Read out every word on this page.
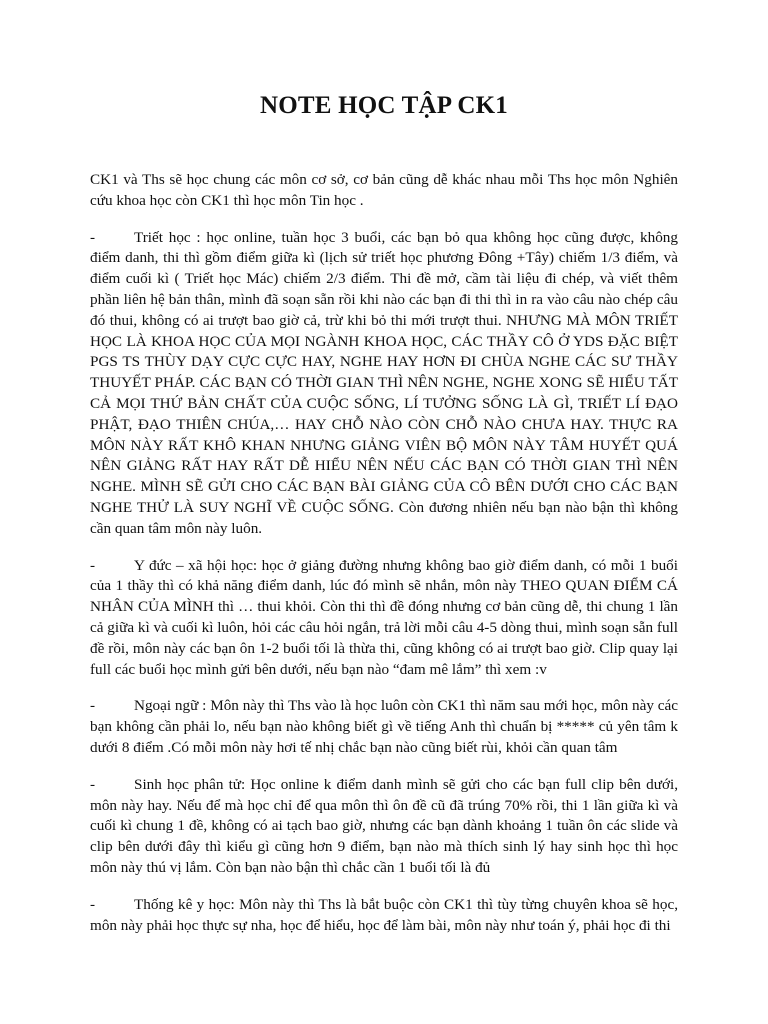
NOTE HỌC TẬP CK1

CK1 và Ths sẽ học chung các môn cơ sở, cơ bản cũng dễ khác nhau mỗi Ths học môn Nghiên cứu khoa học còn CK1 thì học môn Tin học .

-	Triết học : học online, tuần học 3 buổi, các bạn bỏ qua không học cũng được, không điểm danh, thi thì gồm điểm giữa kì (lịch sử triết học phương Đông +Tây) chiếm 1/3 điểm, và điểm cuối kì ( Triết học Mác) chiếm 2/3 điểm. Thi đề mở, cầm tài liệu đi chép, và viết thêm phần liên hệ bản thân, mình đã soạn sẵn rồi khi nào các bạn đi thi thì in ra vào câu nào chép câu đó thui, không có ai trượt bao giờ cả, trừ khi bỏ thi mới trượt thui. NHƯNG MÀ MÔN TRIẾT HỌC LÀ KHOA HỌC CỦA MỌI NGÀNH KHOA HỌC, CÁC THẦY CÔ Ở YDS ĐẶC BIỆT PGS TS THÙY DẠY CỰC CỰC HAY, NGHE HAY HƠN ĐI CHÙA NGHE CÁC SƯ THẦY THUYẾT PHÁP. CÁC BẠN CÓ THỜI GIAN THÌ NÊN NGHE, NGHE XONG SẼ HIỂU TẤT CẢ MỌI THỨ BẢN CHẤT CỦA CUỘC SỐNG, LÍ TƯỞNG SỐNG LÀ GÌ, TRIẾT LÍ ĐẠO PHẬT, ĐẠO THIÊN CHÚA,… HAY CHỖ NÀO CÒN CHỖ NÀO CHƯA HAY. THỰC RA MÔN NÀY RẤT KHÔ KHAN NHƯNG GIẢNG VIÊN BỘ MÔN NÀY TÂM HUYẾT QUÁ NÊN GIẢNG RẤT HAY RẤT DỄ HIỂU NÊN NẾU CÁC BẠN CÓ THỜI GIAN THÌ NÊN NGHE. MÌNH SẼ GỬI CHO CÁC BẠN BÀI GIẢNG CỦA CÔ BÊN DƯỚI CHO CÁC BẠN NGHE THỬ LÀ SUY NGHĨ VỀ CUỘC SỐNG. Còn đương nhiên nếu bạn nào bận thì không cần quan tâm môn này luôn.

-	Y đức – xã hội học: học ở giảng đường nhưng không bao giờ điểm danh, có mỗi 1 buổi của 1 thầy thì có khả năng điểm danh, lúc đó mình sẽ nhắn, môn này THEO QUAN ĐIỂM CÁ NHÂN CỦA MÌNH thì … thui khỏi. Còn thi thì đề đóng nhưng cơ bản cũng dễ, thi chung 1 lần cả giữa kì và cuối kì luôn, hỏi các câu hỏi ngắn, trả lời mỗi câu 4-5 dòng thui, mình soạn sẵn full đề rồi, môn này các bạn ôn 1-2 buổi tối là thừa thi, cũng không có ai trượt bao giờ. Clip quay lại full các buổi học mình gửi bên dưới, nếu bạn nào “đam mê lắm” thì xem :v

-	Ngoại ngữ : Môn này thì Ths vào là học luôn còn CK1 thì năm sau mới học, môn này các bạn không cần phải lo, nếu bạn nào không biết gì về tiếng Anh thì chuẩn bị ***** củ yên tâm k dưới 8 điểm .Có mỗi môn này hơi tế nhị chắc bạn nào cũng biết rùi, khỏi cần quan tâm

-	Sinh học phân tử: Học online k điểm danh mình sẽ gửi cho các bạn full clip bên dưới, môn này hay. Nếu để mà học chỉ để qua môn thì ôn đề cũ đã trúng 70% rồi, thi 1 lần giữa kì và cuối kì chung 1 đề, không có ai tạch bao giờ, nhưng các bạn dành khoảng 1 tuần ôn các slide và clip bên dưới đây thì kiểu gì cũng hơn 9 điểm, bạn nào mà thích sinh lý hay sinh học thì học môn này thú vị lắm. Còn bạn nào bận thì chắc cần 1 buổi tối là đủ

-	Thống kê y học: Môn này thì Ths là bắt buộc còn CK1 thì tùy từng chuyên khoa sẽ học, môn này phải học thực sự nha, học để hiểu, học để làm bài, môn này như toán ý, phải học đi thi
